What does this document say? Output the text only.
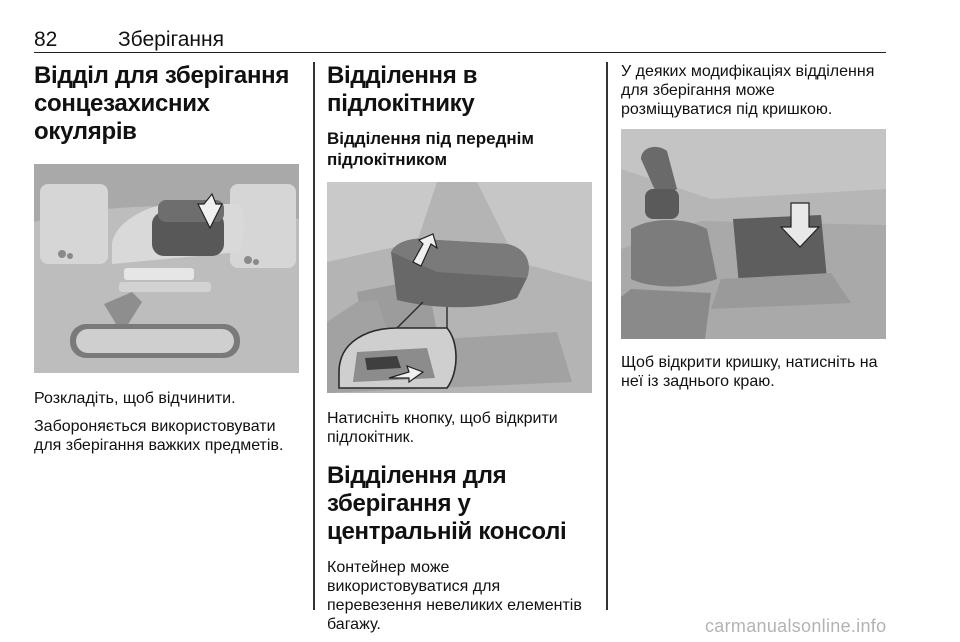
82	Зберігання
Відділ для зберігання сонцезахисних окулярів

Розкладіть, щоб відчинити.

Забороняється використовувати для зберігання важких предметів.

Відділення в підлокітнику
Відділення під переднім підлокітником

Натисніть кнопку, щоб відкрити підлокітник.

Відділення для зберігання у центральній консолі

Контейнер може використовуватися для перевезення невеликих елементів багажу.

У деяких модифікаціях відділення для зберігання може розміщуватися під кришкою.

Щоб відкрити кришку, натисніть на неї із заднього краю.

carmanualsonline.info
